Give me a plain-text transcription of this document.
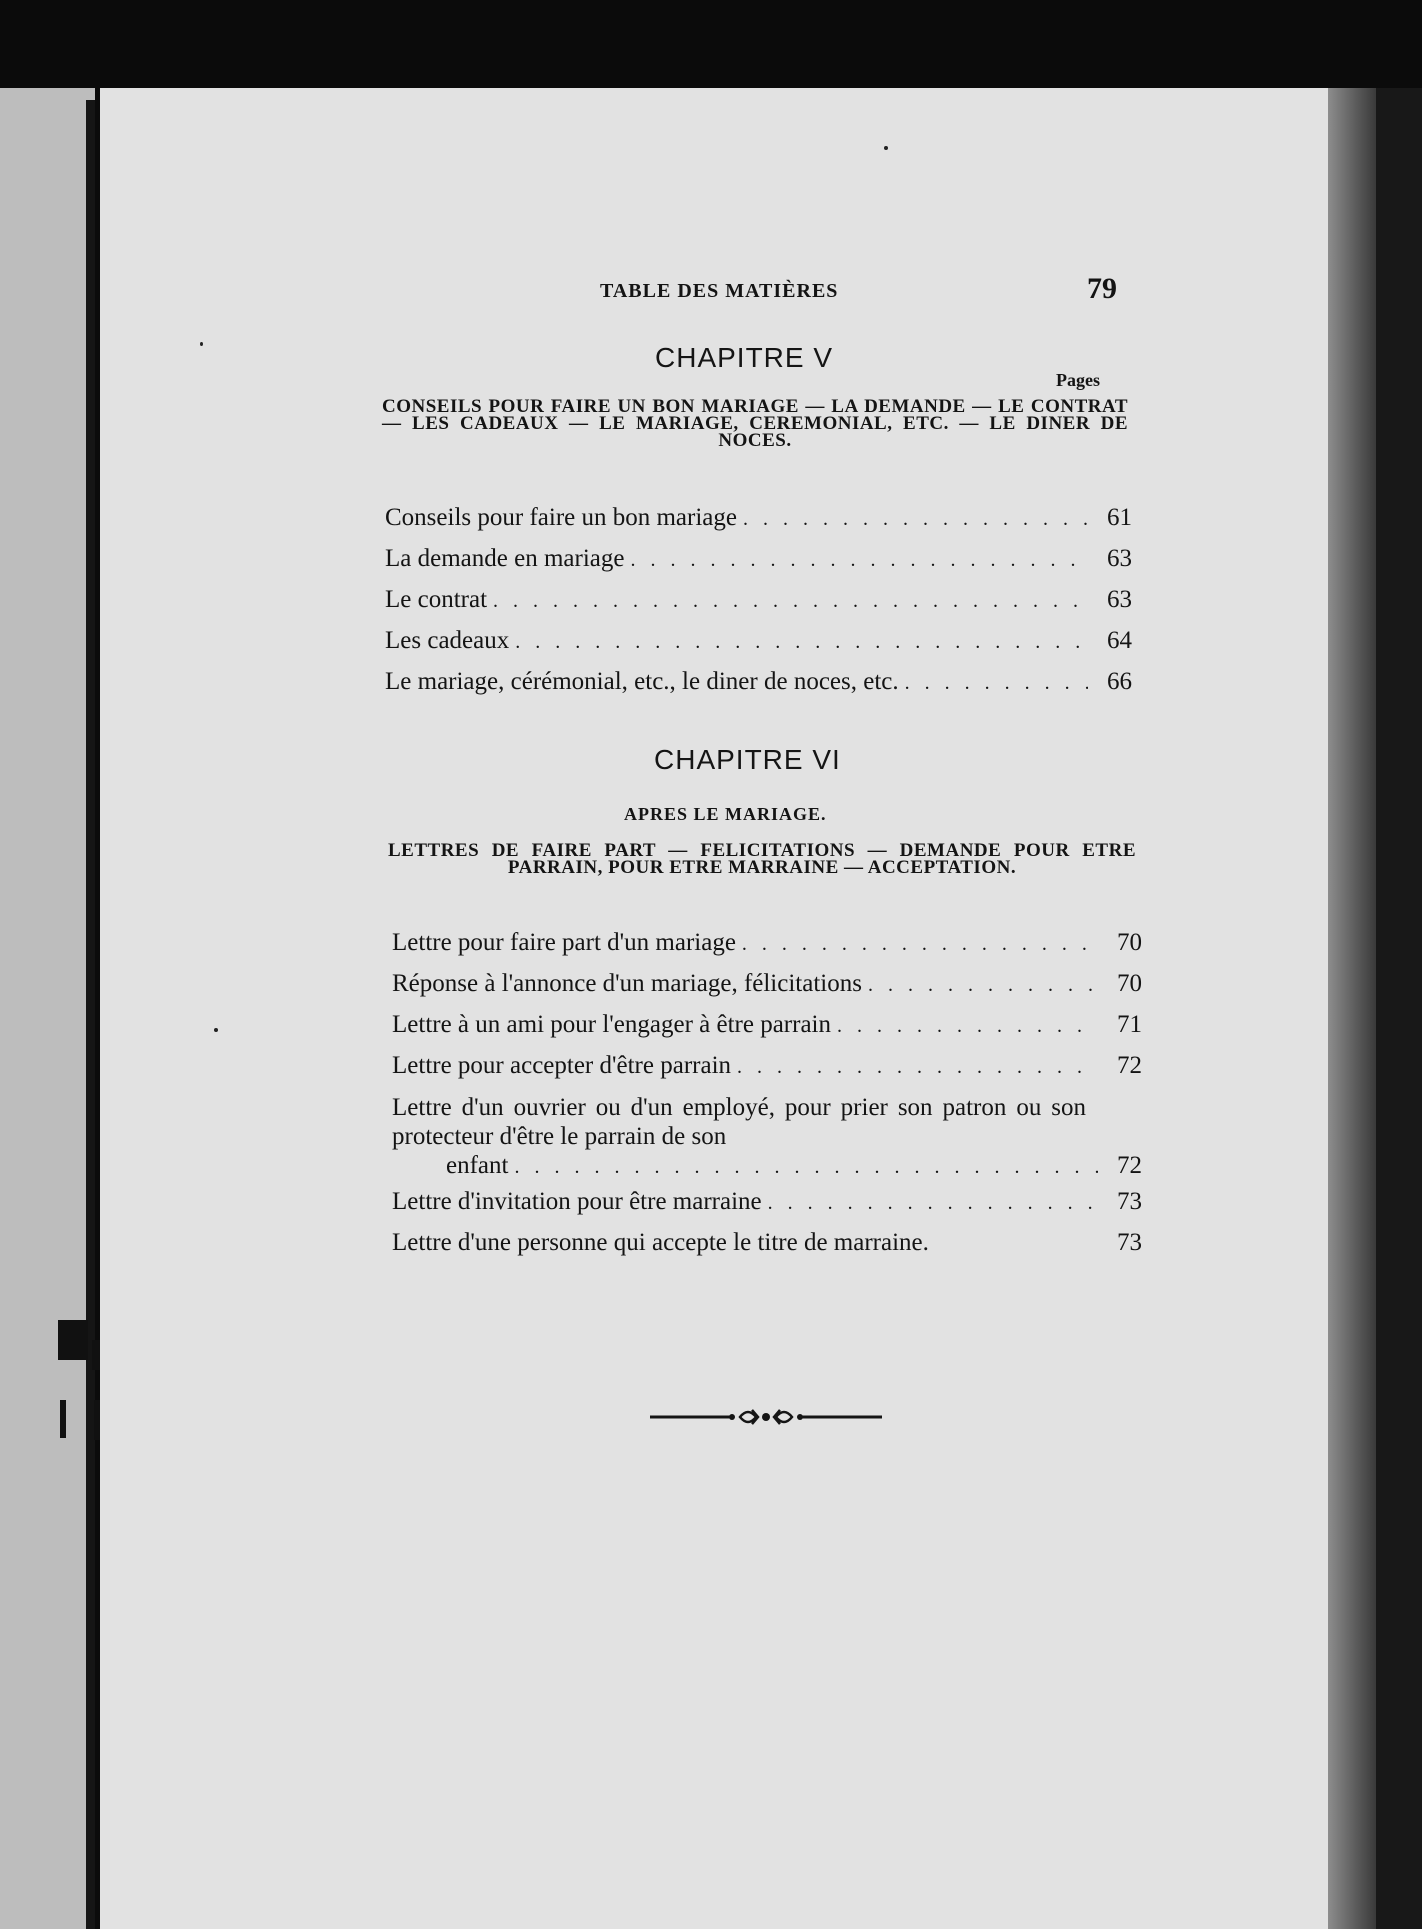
TABLE DES MATIÈRES	79
CHAPITRE V
Pages
CONSEILS POUR FAIRE UN BON MARIAGE — LA DEMANDE — LE CONTRAT — LES CADEAUX — LE MARIAGE, CEREMONIAL, ETC. — LE DINER DE NOCES.
Conseils pour faire un bon mariage . . .	61
La demande en mariage . . .	63
Le contrat . . .	63
Les cadeaux . . .	64
Le mariage, cérémonial, etc., le diner de noces, etc. . . .	66
CHAPITRE VI
APRES LE MARIAGE.
LETTRES DE FAIRE PART — FELICITATIONS — DEMANDE POUR ETRE PARRAIN, POUR ETRE MARRAINE — ACCEPTATION.
Lettre pour faire part d'un mariage . . .	70
Réponse à l'annonce d'un mariage, félicitations . . .	70
Lettre à un ami pour l'engager à être parrain . . .	71
Lettre pour accepter d'être parrain . . .	72
Lettre d'un ouvrier ou d'un employé, pour prier son patron ou son protecteur d'être le parrain de son
enfant . . .	72
Lettre d'invitation pour être marraine . . .	73
Lettre d'une personne qui accepte le titre de marraine.	73
